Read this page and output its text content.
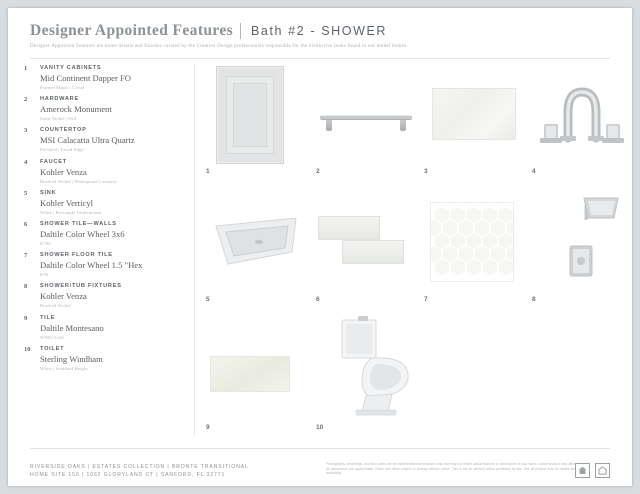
Designer Appointed Features Bath #2 - SHOWER
Designer Appointed Features are home details and finishes curated by the Creative Design professionals responsible for the distinctive looks found in our model homes.
1 VANITY CABINETS
Mid Continent Dapper FO
Painted Maple | Cloud
2 HARDWARE
Amerock Monument
Satin Nickel | Pull
3 COUNTERTOP
MSI Calacatta Ultra Quartz
Polished | Eased Edge
4 FAUCET
Kohler Venza
Brushed Nickel | Widespread Lavatory
5 SINK
Kohler Verticyl
White | Rectangle Undermount
6 SHOWER TILE—WALLS
Daltile Color Wheel 3x6
K790
7 SHOWER FLOOR TILE
Daltile Color Wheel 1.5 "Hex
K96
8 SHOWER/TUB FIXTURES
Kohler Venza
Brushed Nickel
9 TILE
Daltile Montesano
WN02 6x36
10 TOILET
Sterling Windham
White | Standard Height
1	2	3	4
5	6	7	8
9	10
RIVERSIDE OAKS | ESTATES COLLECTION | BRONTE TRANSITIONAL
HOME SITE 150 | 1062 GLORYLAND CT | SANFORD, FL 32771
Photographs, renderings, and floor plans are for representational purposes only and may not reflect actual features or dimensions of your home. Actual product may differ. All dimensions are approximate. Plans and offers subject to change without notice. This is not an offering where prohibited by law. See all product lists for details and availability.
